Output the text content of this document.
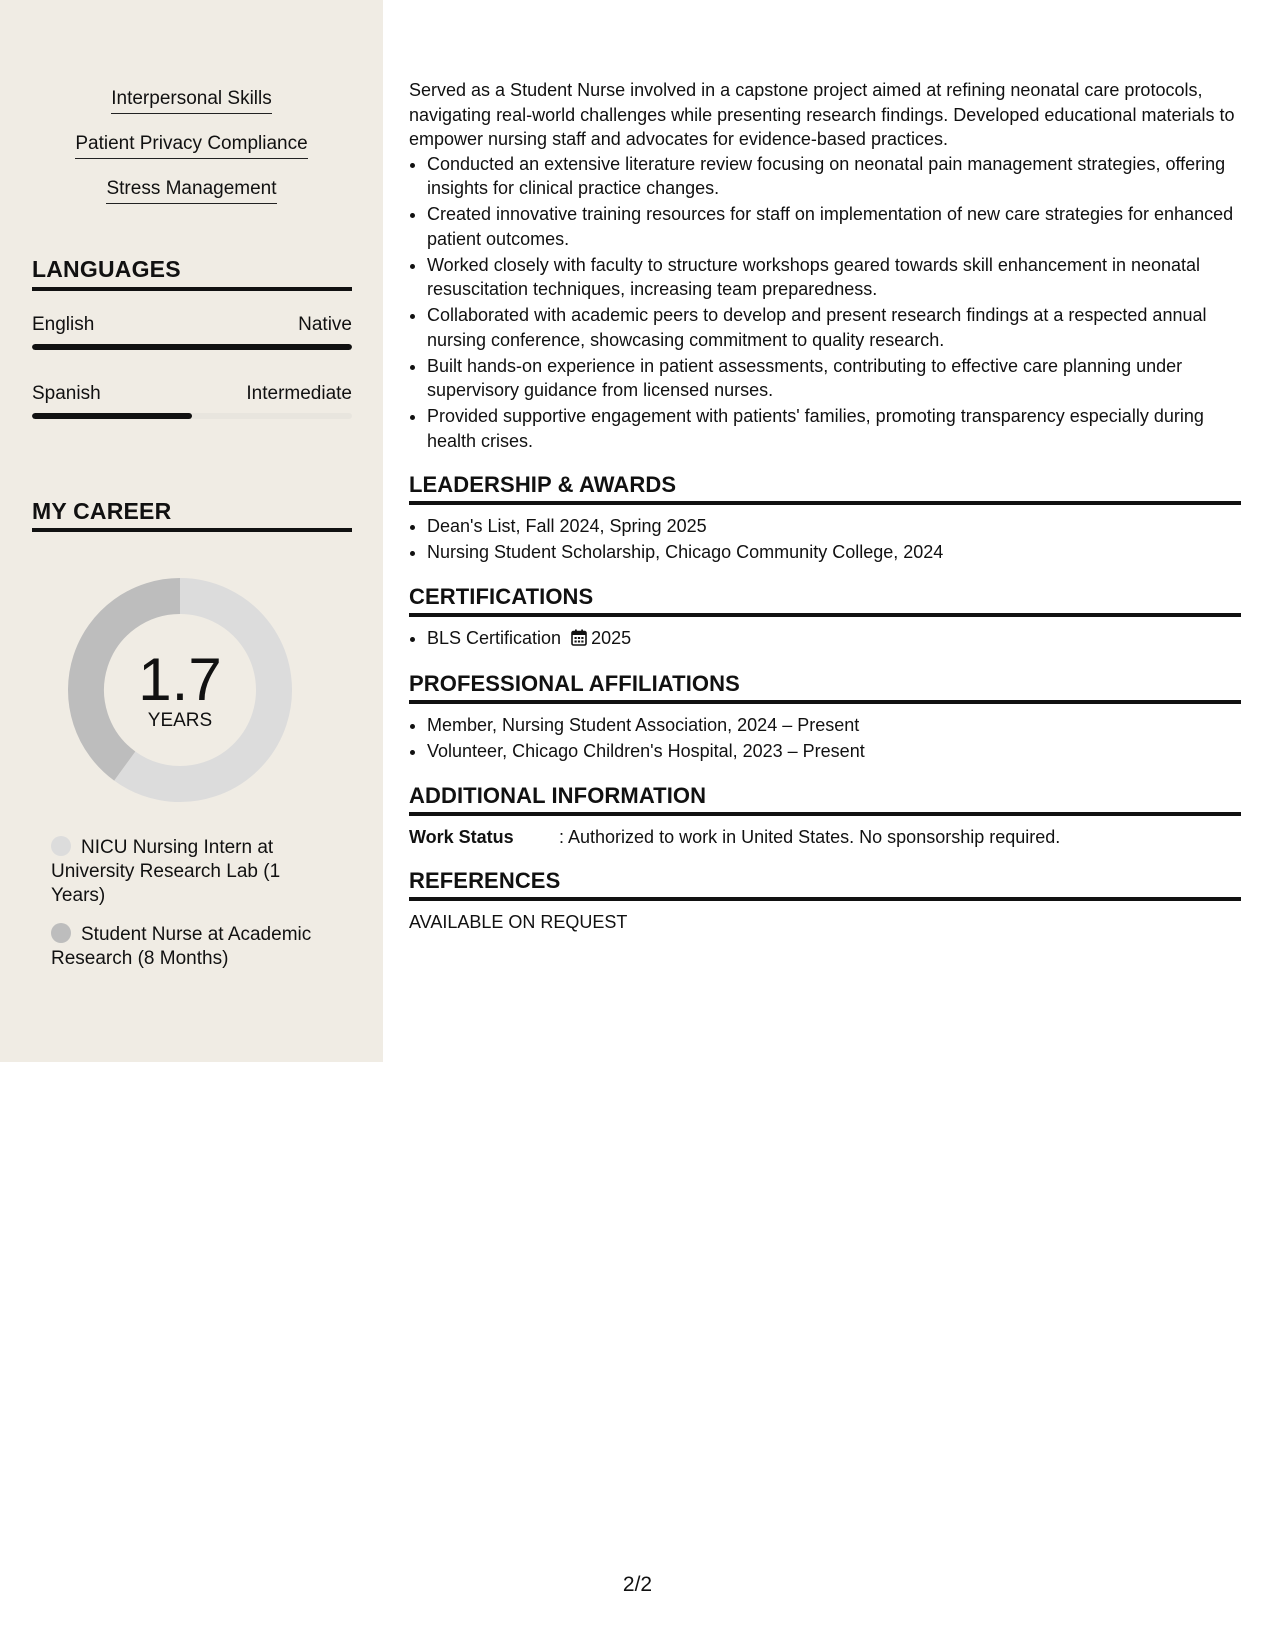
Interpersonal Skills
Patient Privacy Compliance
Stress Management
LANGUAGES
English	Native
Spanish	Intermediate
MY CAREER
1.7
YEARS
NICU Nursing Intern at University Research Lab (1 Years)
Student Nurse at Academic Research (8 Months)

Served as a Student Nurse involved in a capstone project aimed at refining neonatal care protocols, navigating real-world challenges while presenting research findings. Developed educational materials to empower nursing staff and advocates for evidence-based practices.

• Conducted an extensive literature review focusing on neonatal pain management strategies, offering insights for clinical practice changes.
• Created innovative training resources for staff on implementation of new care strategies for enhanced patient outcomes.
• Worked closely with faculty to structure workshops geared towards skill enhancement in neonatal resuscitation techniques, increasing team preparedness.
• Collaborated with academic peers to develop and present research findings at a respected annual nursing conference, showcasing commitment to quality research.
• Built hands-on experience in patient assessments, contributing to effective care planning under supervisory guidance from licensed nurses.
• Provided supportive engagement with patients' families, promoting transparency especially during health crises.
LEADERSHIP & AWARDS
• Dean's List, Fall 2024, Spring 2025
• Nursing Student Scholarship, Chicago Community College, 2024
CERTIFICATIONS
• BLS Certification 2025
PROFESSIONAL AFFILIATIONS
• Member, Nursing Student Association, 2024 – Present
• Volunteer, Chicago Children's Hospital, 2023 – Present
ADDITIONAL INFORMATION
Work Status	: Authorized to work in United States. No sponsorship required.
REFERENCES
AVAILABLE ON REQUEST
2/2
